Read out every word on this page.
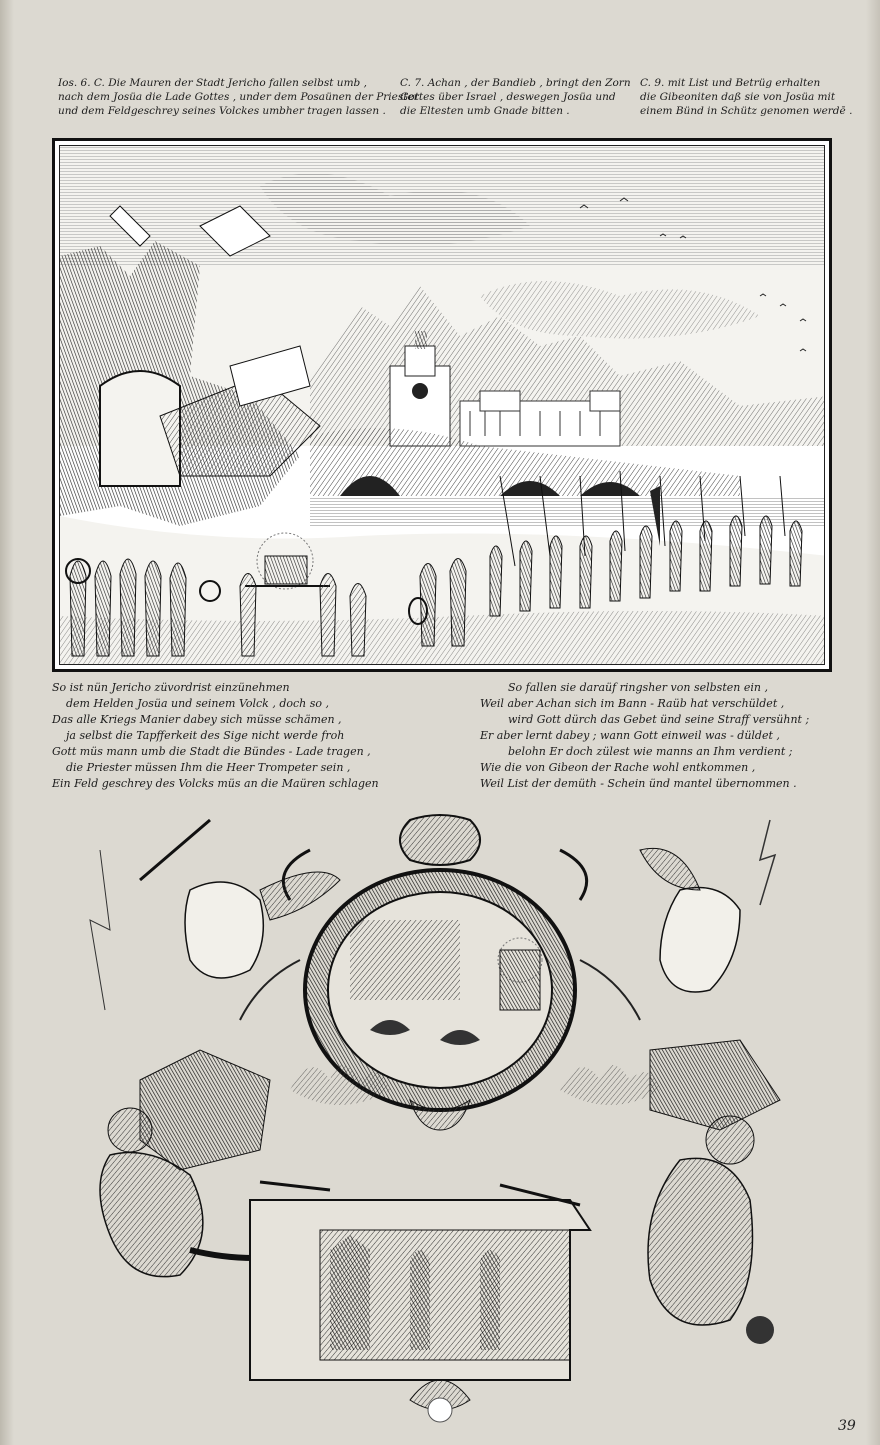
Ios. 6. C. Die Mauren der Stadt Jericho fallen selbst umb ,
nach dem Josüa die Lade Gottes , under dem Posaünen der Priester
und dem Feldgeschrey seines Volckes umbher tragen lassen .
C. 7. Achan , der Bandieb , bringt den Zorn
Gottes über Israel , deswegen Josüa und
die Eltesten umb Gnade bitten .
C. 9. mit List und Betrüg erhalten
die Gibeoniten daß sie von Josüa mit
einem Bünd in Schütz genomen werdē .
So ist nün Jericho züvordrist einzünehmen
dem Helden Josüa und seinem Volck , doch so ,
Das alle Kriegs Manier dabey sich müsse schämen ,
ja selbst die Tapfferkeit des Sige nicht werde froh
Gott müs mann umb die Stadt die Bündes - Lade tragen ,
die Priester müssen Ihm die Heer Trompeter sein ,
Ein Feld geschrey des Volcks müs an die Maüren schlagen
So fallen sie daraüf ringsher von selbsten ein ,
Weil aber Achan sich im Bann - Raüb hat verschüldet ,
wird Gott dürch das Gebet ünd seine Straff versühnt ;
Er aber lernt dabey ; wann Gott einweil was - düldet ,
belohn Er doch zülest wie manns an Ihm verdient ;
Wie die von Gibeon der Rache wohl entkommen ,
Weil List der demüth - Schein ünd mantel übernommen .
39
